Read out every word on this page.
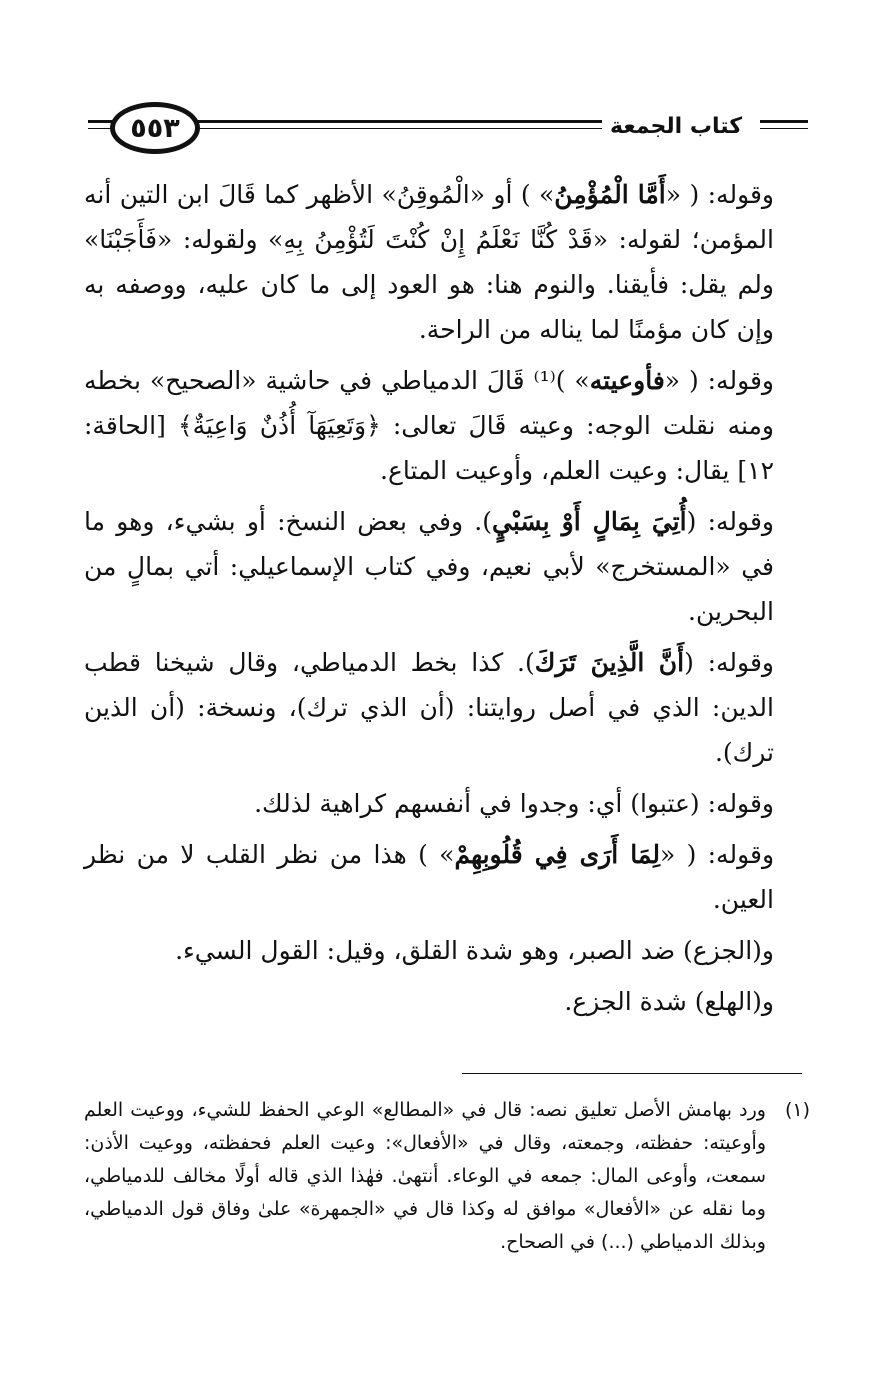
٥٥٣	كتاب الجمعة

وقوله: ( «أَمَّا الْمُؤْمِنُ» ) أو «الْمُوقِنُ» الأظهر كما قَالَ ابن التين أنه المؤمن؛ لقوله: «قَدْ كُنَّا نَعْلَمُ إِنْ كُنْتَ لَتُؤْمِنُ بِهِ» ولقوله: «فَأَجَبْنَا» ولم يقل: فأيقنا. والنوم هنا: هو العود إلى ما كان عليه، ووصفه به وإن كان مؤمنًا لما يناله من الراحة.

وقوله: ( «فأوعيته» )⁽¹⁾ قَالَ الدمياطي في حاشية «الصحيح» بخطه ومنه نقلت الوجه: وعيته قَالَ تعالى: ﴿وَتَعِيَهَآ أُذُنٌ وَاعِيَةٌ﴾ [الحاقة: ١٢] يقال: وعيت العلم، وأوعيت المتاع.

وقوله: (أُتِيَ بِمَالٍ أَوْ بِسَبْيٍ). وفي بعض النسخ: أو بشيء، وهو ما في «المستخرج» لأبي نعيم، وفي كتاب الإسماعيلي: أتي بمالٍ من البحرين.

وقوله: (أَنَّ الَّذِينَ تَرَكَ). كذا بخط الدمياطي، وقال شيخنا قطب الدين: الذي في أصل روايتنا: (أن الذي ترك)، ونسخة: (أن الذين ترك).

وقوله: (عتبوا) أي: وجدوا في أنفسهم كراهية لذلك.

وقوله: ( «لِمَا أَرَى فِي قُلُوبِهِمْ» ) هذا من نظر القلب لا من نظر العين.

و(الجزع) ضد الصبر، وهو شدة القلق، وقيل: القول السيء.

و(الهلع) شدة الجزع.

(١)
ورد بهامش الأصل تعليق نصه: قال في «المطالع» الوعي الحفظ للشيء، ووعيت العلم وأوعيته: حفظته، وجمعته، وقال في «الأفعال»: وعيت العلم فحفظته، ووعيت الأذن: سمعت، وأوعى المال: جمعه في الوعاء. أنتهىٰ. فهٰذا الذي قاله أولًا مخالف للدمياطي، وما نقله عن «الأفعال» موافق له وكذا قال في «الجمهرة» علىٰ وفاق قول الدمياطي، وبذلك الدمياطي (...) في الصحاح.
